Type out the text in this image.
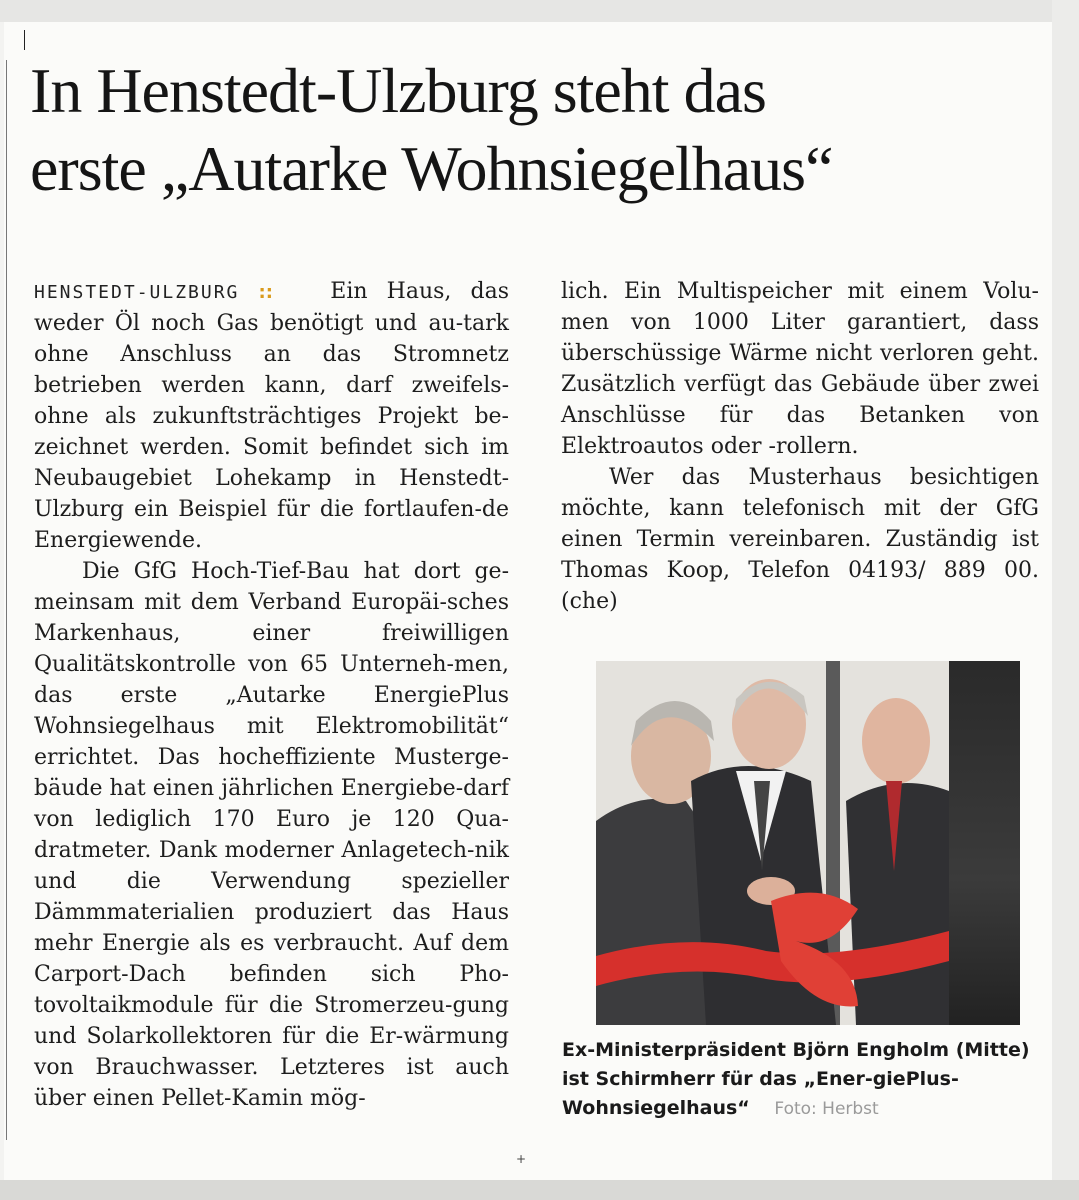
In Henstedt-Ulzburg steht das
erste „Autarke Wohnsiegelhaus“

HENSTEDT-ULZBURG ::	Ein Haus, das weder Öl noch Gas benötigt und au-tark ohne Anschluss an das Stromnetz betrieben werden kann, darf zweifels-ohne als zukunftsträchtiges Projekt be-zeichnet werden. Somit befindet sich im Neubaugebiet Lohekamp in Henstedt-Ulzburg ein Beispiel für die fortlaufen-de Energiewende.

Die GfG Hoch-Tief-Bau hat dort ge-meinsam mit dem Verband Europäi-sches Markenhaus, einer freiwilligen Qualitätskontrolle von 65 Unterneh-men, das erste „Autarke EnergiePlus Wohnsiegelhaus mit Elektromobilität“ errichtet. Das hocheffiziente Musterge-bäude hat einen jährlichen Energiebe-darf von lediglich 170 Euro je 120 Qua-dratmeter. Dank moderner Anlagetech-nik und die Verwendung spezieller Dämmmaterialien produziert das Haus mehr Energie als es verbraucht. Auf dem Carport-Dach befinden sich Pho-tovoltaikmodule für die Stromerzeu-gung und Solarkollektoren für die Er-wärmung von Brauchwasser. Letzteres ist auch über einen Pellet-Kamin mög-

lich. Ein Multispeicher mit einem Volu-men von 1000 Liter garantiert, dass überschüssige Wärme nicht verloren geht. Zusätzlich verfügt das Gebäude über zwei Anschlüsse für das Betanken von Elektroautos oder -rollern.

Wer das Musterhaus besichtigen möchte, kann telefonisch mit der GfG einen Termin vereinbaren. Zuständig ist Thomas Koop, Telefon 04193/ 889 00. (che)

Ex-Ministerpräsident Björn Engholm (Mitte) ist Schirmherr für das „Ener-giePlus-Wohnsiegelhaus“ Foto: Herbst
+
